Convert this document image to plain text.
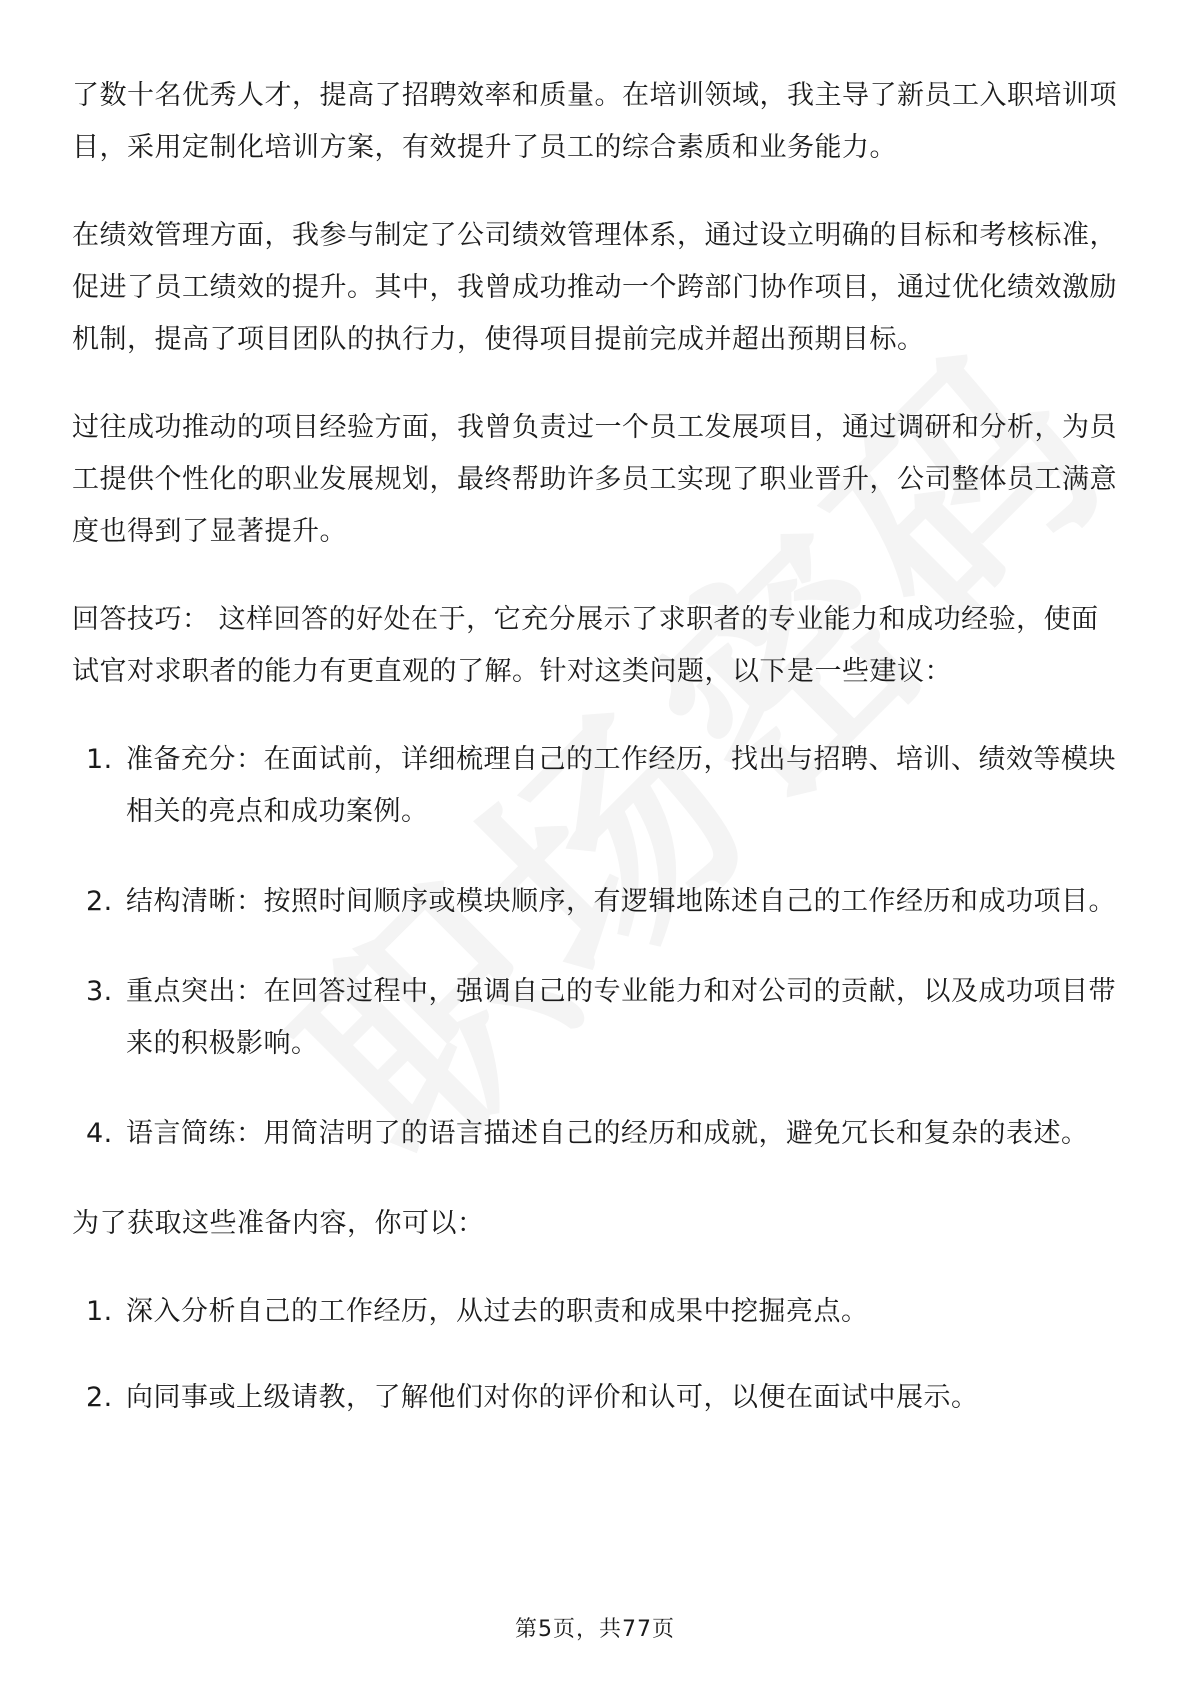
了数十名优秀人才，提高了招聘效率和质量。在培训领域，我主导了新员工入职培训项目，采用定制化培训方案，有效提升了员工的综合素质和业务能力。

在绩效管理方面，我参与制定了公司绩效管理体系，通过设立明确的目标和考核标准，促进了员工绩效的提升。其中，我曾成功推动一个跨部门协作项目，通过优化绩效激励机制，提高了项目团队的执行力，使得项目提前完成并超出预期目标。

过往成功推动的项目经验方面，我曾负责过一个员工发展项目，通过调研和分析，为员工提供个性化的职业发展规划，最终帮助许多员工实现了职业晋升，公司整体员工满意度也得到了显著提升。

回答技巧： 这样回答的好处在于，它充分展示了求职者的专业能力和成功经验，使面试官对求职者的能力有更直观的了解。针对这类问题，以下是一些建议：

1. 准备充分：在面试前，详细梳理自己的工作经历，找出与招聘、培训、绩效等模块相关的亮点和成功案例。
2. 结构清晰：按照时间顺序或模块顺序，有逻辑地陈述自己的工作经历和成功项目。
3. 重点突出：在回答过程中，强调自己的专业能力和对公司的贡献，以及成功项目带来的积极影响。
4. 语言简练：用简洁明了的语言描述自己的经历和成就，避免冗长和复杂的表述。

为了获取这些准备内容，你可以：

1. 深入分析自己的工作经历，从过去的职责和成果中挖掘亮点。
2. 向同事或上级请教，了解他们对你的评价和认可，以便在面试中展示。
第5页，共77页
